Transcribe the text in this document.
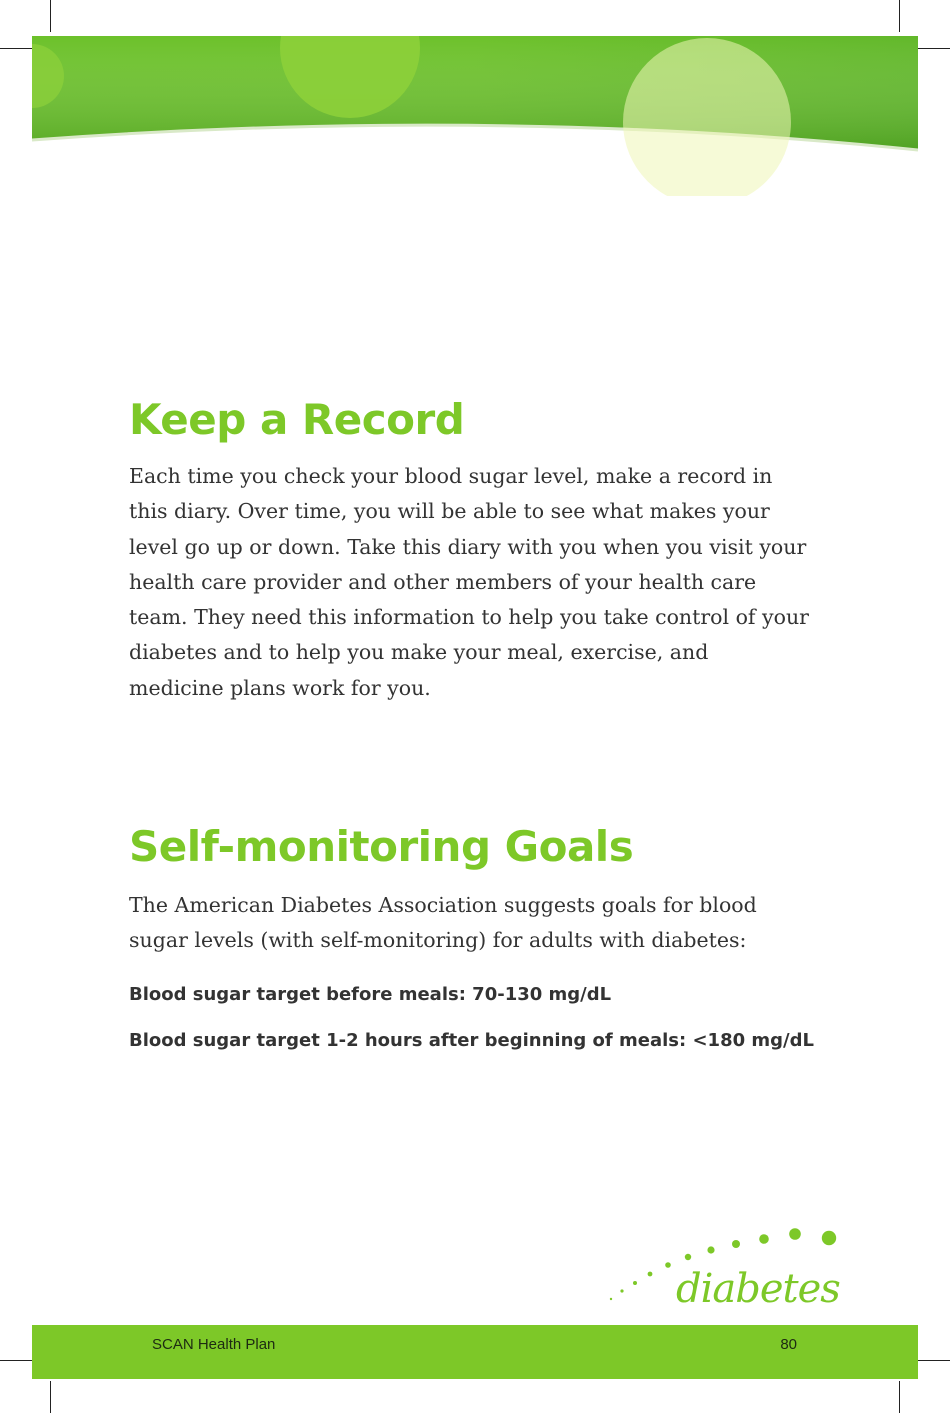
Keep a Record

Each time you check your blood sugar level, make a record in this diary. Over time, you will be able to see what makes your level go up or down. Take this diary with you when you visit your health care provider and other members of your health care team. They need this information to help you take control of your diabetes and to help you make your meal, exercise, and medicine plans work for you.

Self-monitoring Goals

The American Diabetes Association suggests goals for blood sugar levels (with self-monitoring) for adults with diabetes:

Blood sugar target before meals: 70-130 mg/dL

Blood sugar target 1-2 hours after beginning of meals: <180 mg/dL

diabetes
SCAN Health Plan	80
